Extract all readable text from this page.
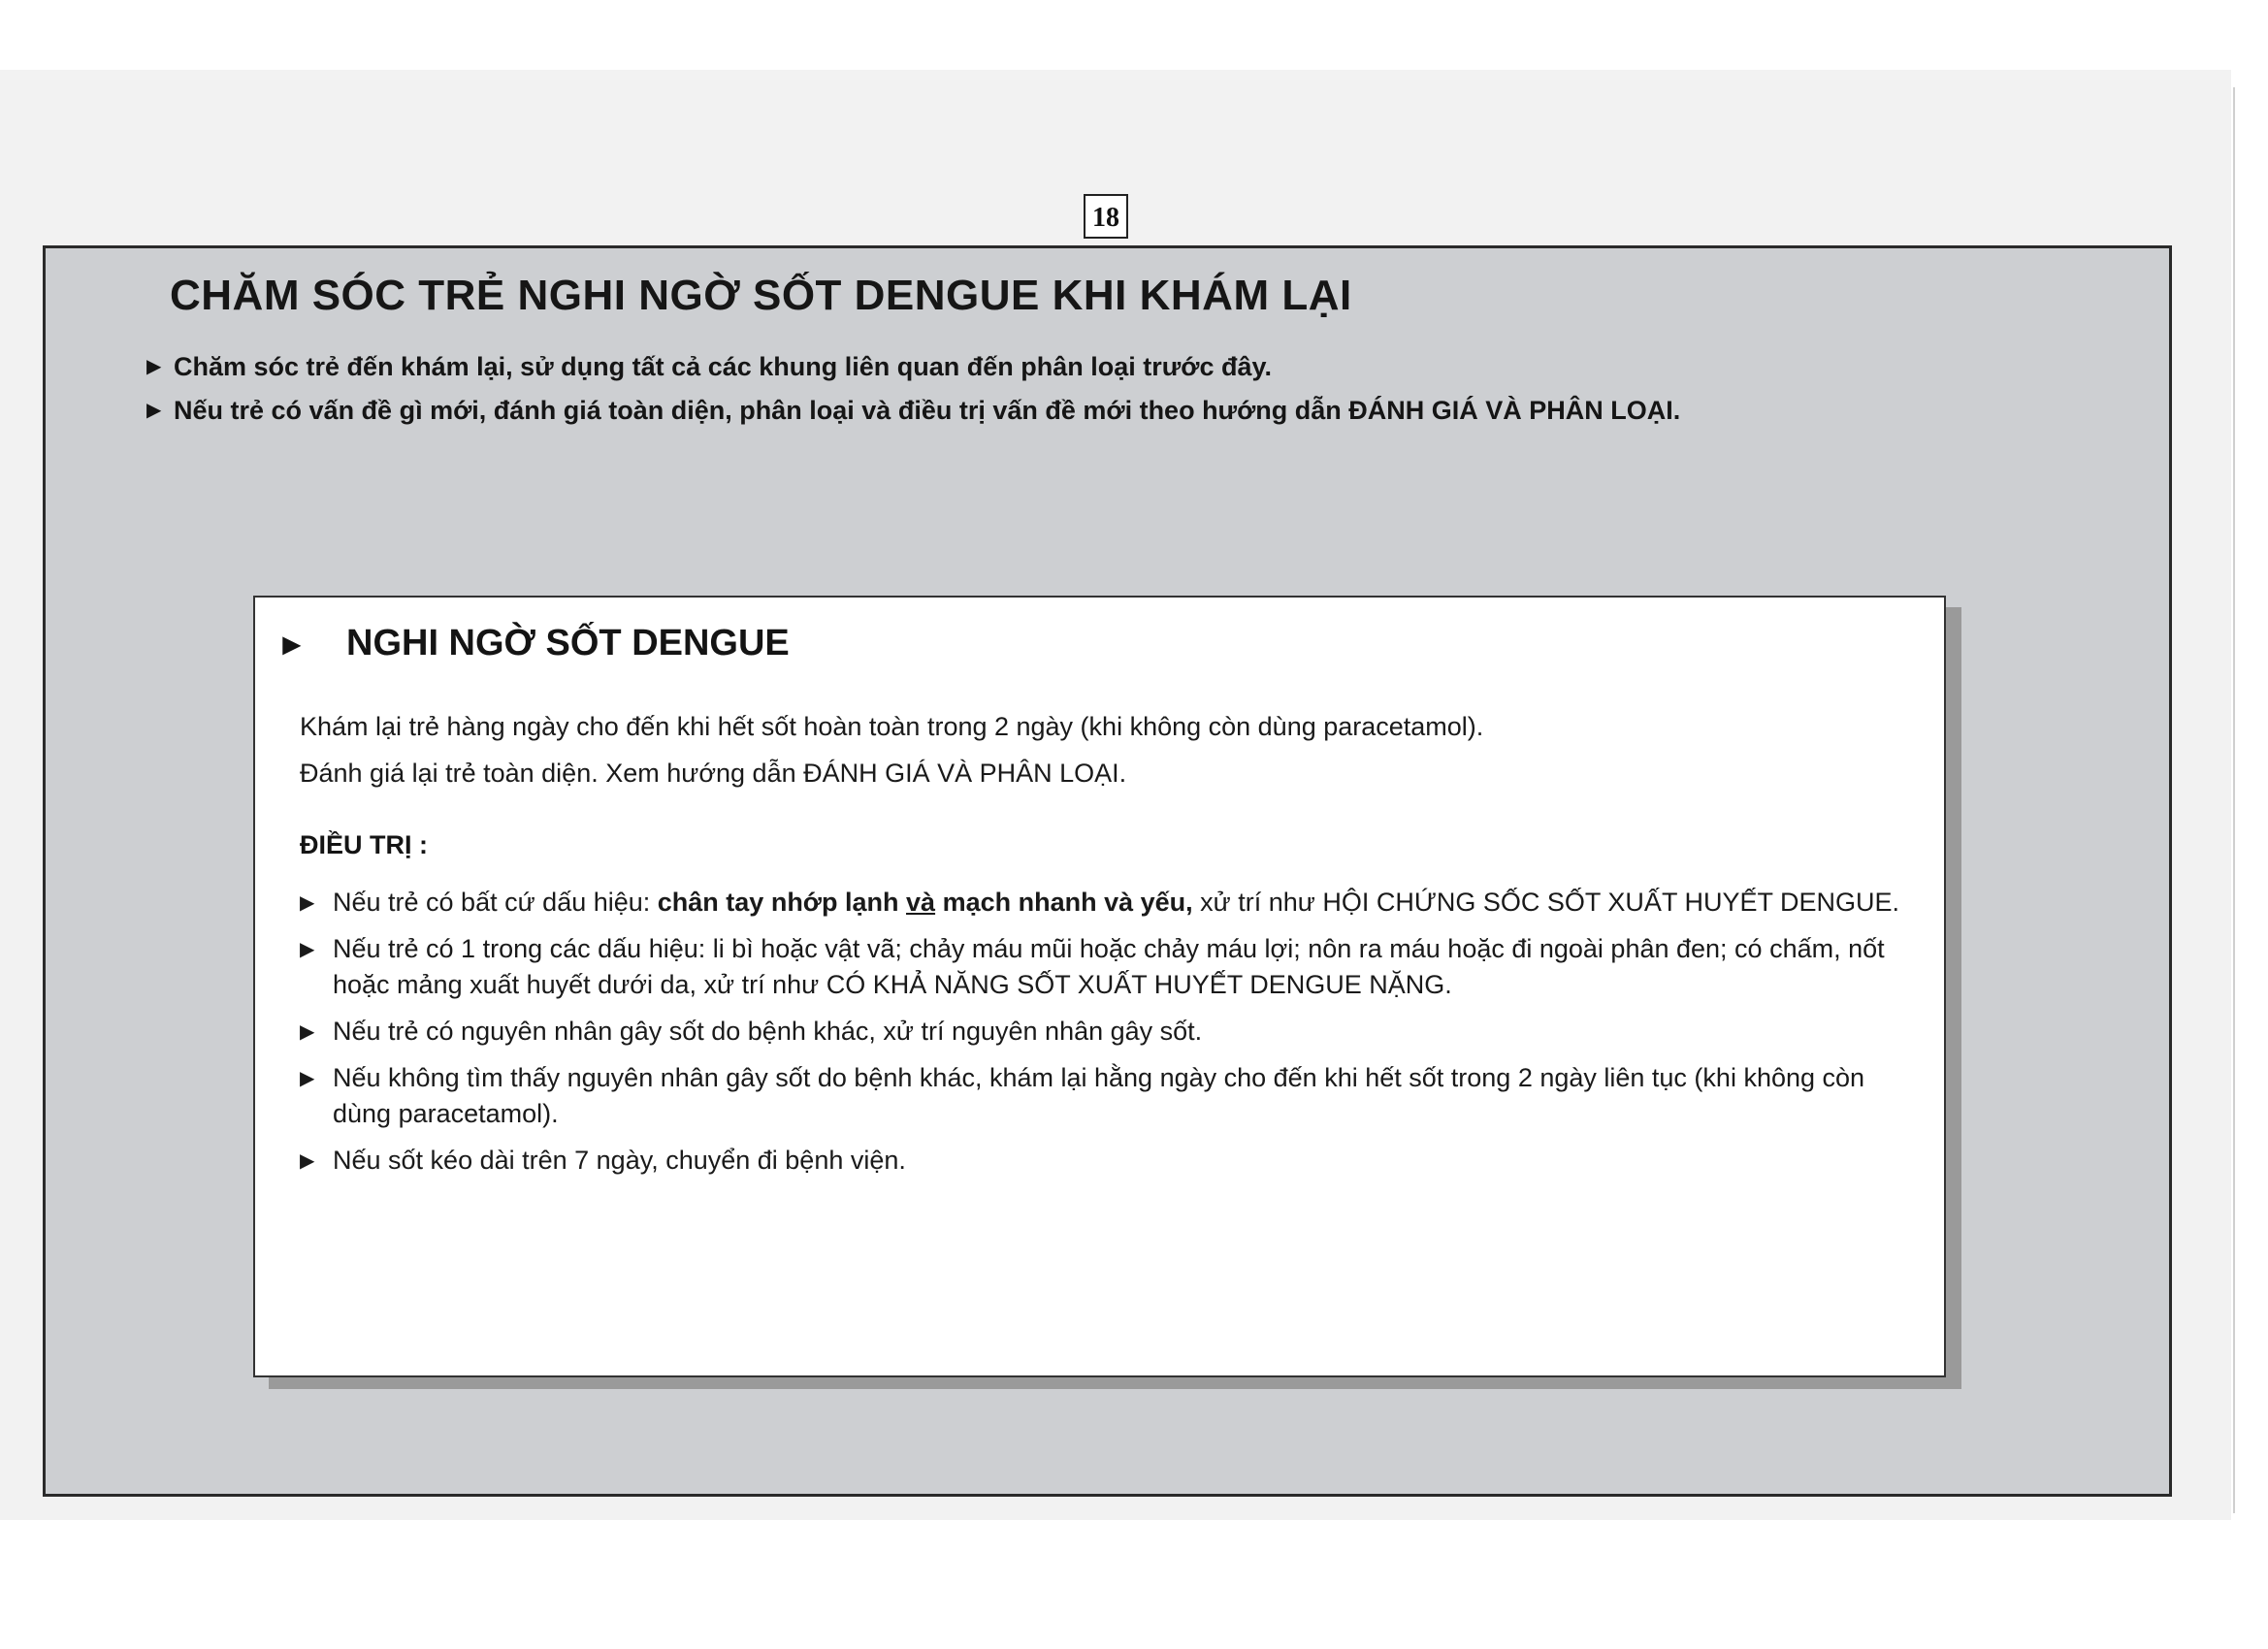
18
CHĂM SÓC TRẺ NGHI NGỜ SỐT DENGUE KHI KHÁM LẠI
▶ Chăm sóc trẻ đến khám lại, sử dụng tất cả các khung liên quan đến phân loại trước đây.
▶ Nếu trẻ có vấn đề gì mới, đánh giá toàn diện, phân loại và điều trị vấn đề mới theo hướng dẫn ĐÁNH GIÁ VÀ PHÂN LOẠI.
► NGHI NGỜ SỐT DENGUE

Khám lại trẻ hàng ngày cho đến khi hết sốt hoàn toàn trong 2 ngày (khi không còn dùng paracetamol).

Đánh giá lại trẻ toàn diện. Xem hướng dẫn ĐÁNH GIÁ VÀ PHÂN LOẠI.

ĐIỀU TRỊ :

▶ Nếu trẻ có bất cứ dấu hiệu: chân tay nhớp lạnh và mạch nhanh và yếu, xử trí như HỘI CHỨNG SỐC SỐT XUẤT HUYẾT DENGUE.
▶ Nếu trẻ có 1 trong các dấu hiệu: li bì hoặc vật vã; chảy máu mũi hoặc chảy máu lợi; nôn ra máu hoặc đi ngoài phân đen; có chấm, nốt hoặc mảng xuất huyết dưới da, xử trí như CÓ KHẢ NĂNG SỐT XUẤT HUYẾT DENGUE NẶNG.
▶ Nếu trẻ có nguyên nhân gây sốt do bệnh khác, xử trí nguyên nhân gây sốt.
▶ Nếu không tìm thấy nguyên nhân gây sốt do bệnh khác, khám lại hằng ngày cho đến khi hết sốt trong 2 ngày liên tục (khi không còn dùng paracetamol).
▶ Nếu sốt kéo dài trên 7 ngày, chuyển đi bệnh viện.
